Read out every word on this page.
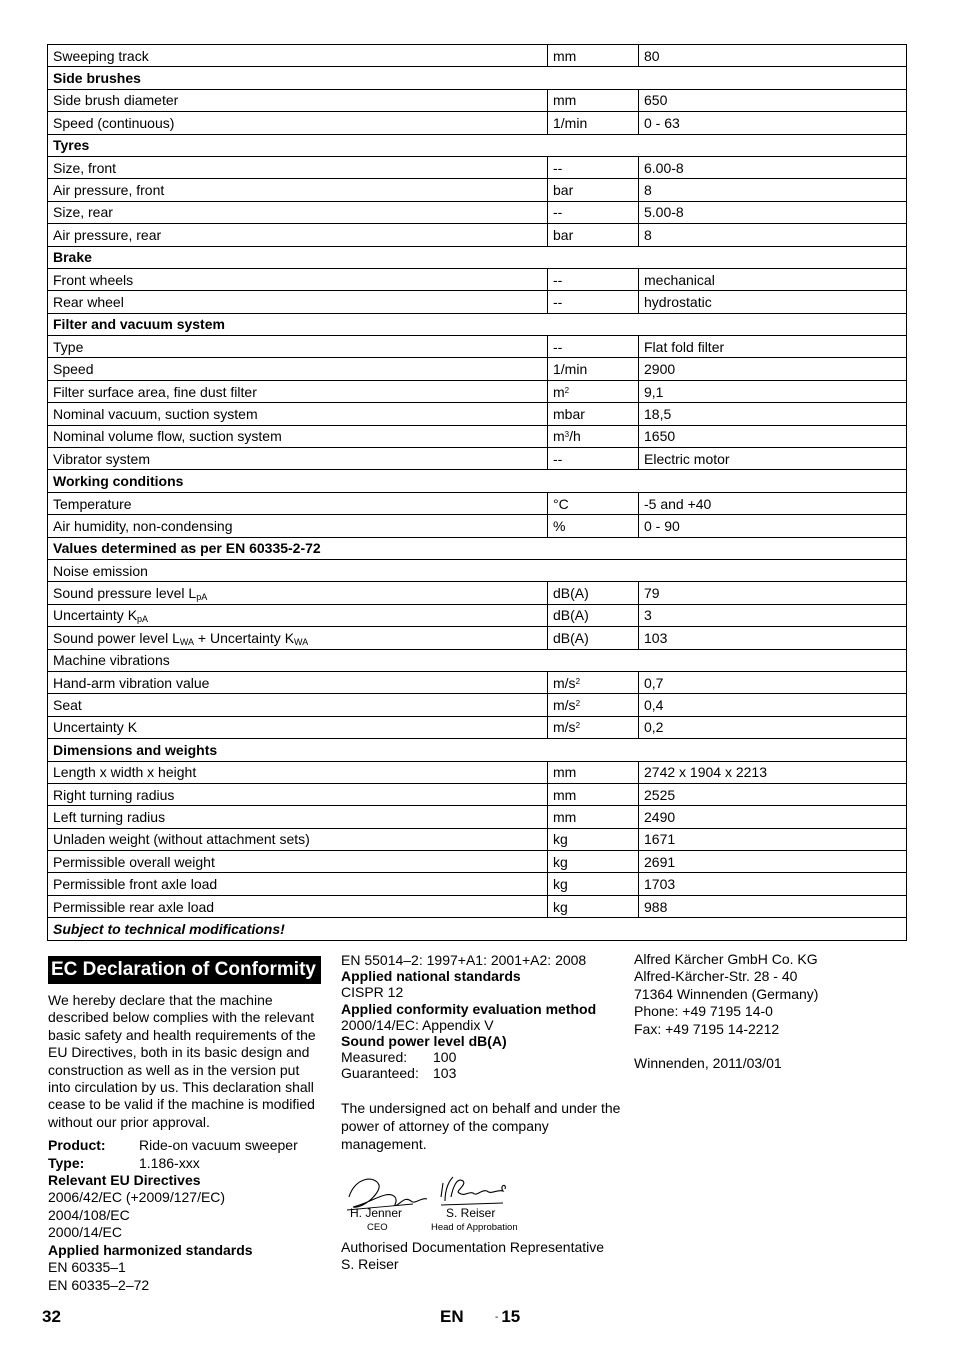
Sweeping track	mm	80
Side brushes		
Side brush diameter	mm	650
Speed (continuous)	1/min	0 - 63
Tyres		
Size, front	--	6.00-8
Air pressure, front	bar	8
Size, rear	--	5.00-8
Air pressure, rear	bar	8
Brake		
Front wheels	--	mechanical
Rear wheel	--	hydrostatic
Filter and vacuum system		
Type	--	Flat fold filter
Speed	1/min	2900
Filter surface area, fine dust filter	$m^2$	9,1
Nominal vacuum, suction system	mbar	18,5
Nominal volume flow, suction system	$m^3/h$	1650
Vibrator system	--	Electric motor
Working conditions		
Temperature	°C	-5 and +40
Air humidity, non-condensing	%	0 - 90
Values determined as per EN 60335-2-72		
Noise emission		
Sound pressure level $L_{pA}$	dB(A)	79
Uncertainty $K_{pA}$	dB(A)	3
Sound power level $L_{WA}$ + Uncertainty $K_{WA}$	dB(A)	103
Machine vibrations		
Hand-arm vibration value	$m/s^2$	0,7
Seat	$m/s^2$	0,4
Uncertainty K	$m/s^2$	0,2
Dimensions and weights		
Length x width x height	mm	2742 x 1904 x 2213
Right turning radius	mm	2525
Left turning radius	mm	2490
Unladen weight (without attachment sets)	kg	1671
Permissible overall weight	kg	2691
Permissible front axle load	kg	1703
Permissible rear axle load	kg	988
Subject to technical modifications!		
EC Declaration of Conformity
We hereby declare that the machine described below complies with the relevant basic safety and health requirements of the EU Directives, both in its basic design and construction as well as in the version put into circulation by us. This declaration shall cease to be valid if the machine is modified without our prior approval.
Product:	Ride-on vacuum sweeper
Type:	1.186-xxx
Relevant EU Directives
2006/42/EC (+2009/127/EC)
2004/108/EC
2000/14/EC
Applied harmonized standards
EN 60335–1
EN 60335–2–72
EN 55014–2: 1997+A1: 2001+A2: 2008
Applied national standards
CISPR 12
Applied conformity evaluation method
2000/14/EC: Appendix V
Sound power level dB(A)
Measured: 100
Guaranteed: 103
The undersigned act on behalf and under the power of attorney of the company management.
H. Jenner
CEO
S. Reiser
Head of Approbation
Authorised Documentation Representative
S. Reiser
Alfred Kärcher GmbH Co. KG
Alfred-Kärcher-Str. 28 - 40
71364 Winnenden (Germany)
Phone: +49 7195 14-0
Fax: +49 7195 14-2212
Winnenden, 2011/03/01
32	EN	- 15
